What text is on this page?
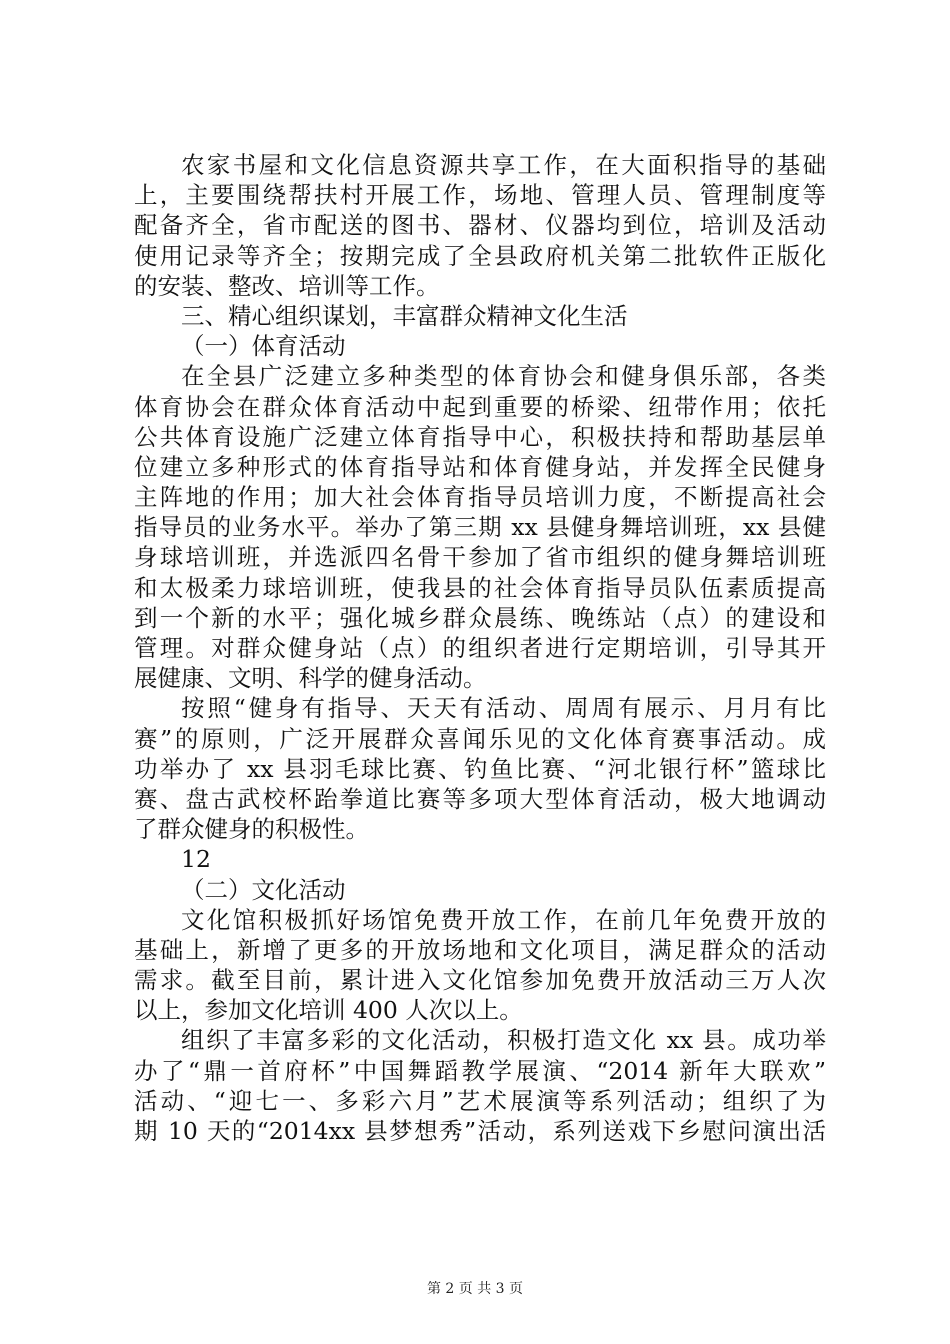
农家书屋和文化信息资源共享工作，在大面积指导的基础
上，主要围绕帮扶村开展工作，场地、管理人员、管理制度等
配备齐全，省市配送的图书、器材、仪器均到位，培训及活动
使用记录等齐全；按期完成了全县政府机关第二批软件正版化
的安装、整改、培训等工作。
三、精心组织谋划，丰富群众精神文化生活
（一）体育活动
在全县广泛建立多种类型的体育协会和健身俱乐部，各类
体育协会在群众体育活动中起到重要的桥梁、纽带作用；依托
公共体育设施广泛建立体育指导中心，积极扶持和帮助基层单
位建立多种形式的体育指导站和体育健身站，并发挥全民健身
主阵地的作用；加大社会体育指导员培训力度，不断提高社会
指导员的业务水平。举办了第三期 xx 县健身舞培训班，xx 县健
身球培训班，并选派四名骨干参加了省市组织的健身舞培训班
和太极柔力球培训班，使我县的社会体育指导员队伍素质提高
到一个新的水平；强化城乡群众晨练、晚练站（点）的建设和
管理。对群众健身站（点）的组织者进行定期培训，引导其开
展健康、文明、科学的健身活动。
按照“健身有指导、天天有活动、周周有展示、月月有比
赛”的原则，广泛开展群众喜闻乐见的文化体育赛事活动。成
功举办了 xx 县羽毛球比赛、钓鱼比赛、“河北银行杯”篮球比
赛、盘古武校杯跆拳道比赛等多项大型体育活动，极大地调动
了群众健身的积极性。
12
（二）文化活动
文化馆积极抓好场馆免费开放工作，在前几年免费开放的
基础上，新增了更多的开放场地和文化项目，满足群众的活动
需求。截至目前，累计进入文化馆参加免费开放活动三万人次
以上，参加文化培训 400 人次以上。
组织了丰富多彩的文化活动，积极打造文化 xx 县。成功举
办了“鼎一首府杯”中国舞蹈教学展演、“2014 新年大联欢”
活动、“迎七一、多彩六月”艺术展演等系列活动；组织了为
期 10 天的“2014xx 县梦想秀”活动，系列送戏下乡慰问演出活
第 2 页 共 3 页
